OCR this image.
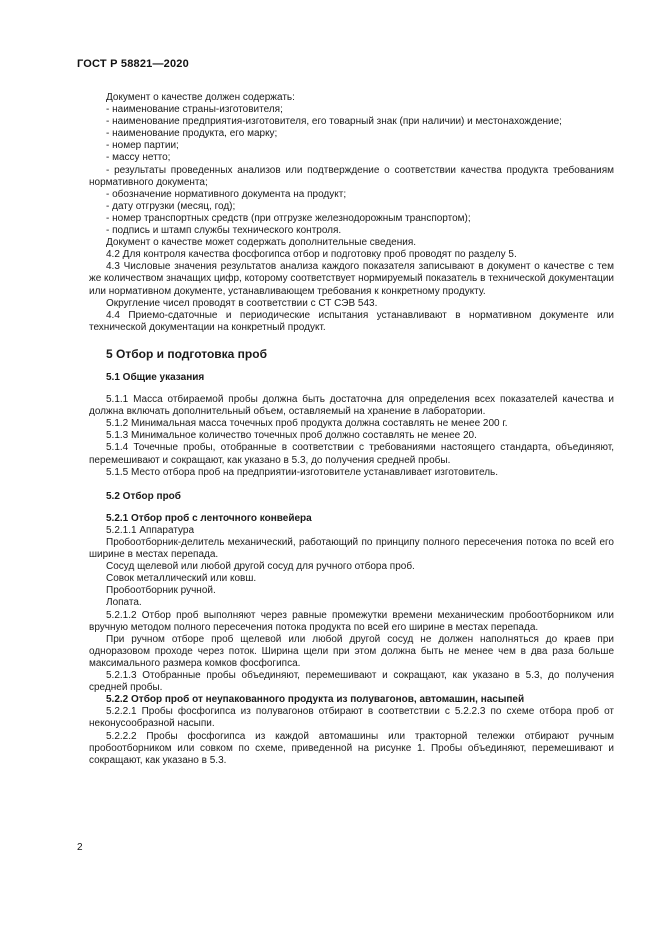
ГОСТ Р 58821—2020

Документ о качестве должен содержать:

- наименование страны-изготовителя;

- наименование предприятия-изготовителя, его товарный знак (при наличии) и местонахождение;

- наименование продукта, его марку;

- номер партии;

- массу нетто;

- результаты проведенных анализов или подтверждение о соответствии качества продукта требованиям нормативного документа;

- обозначение нормативного документа на продукт;

- дату отгрузки (месяц, год);

- номер транспортных средств (при отгрузке железнодорожным транспортом);

- подпись и штамп службы технического контроля.

Документ о качестве может содержать дополнительные сведения.

4.2 Для контроля качества фосфогипса отбор и подготовку проб проводят по разделу 5.

4.3 Числовые значения результатов анализа каждого показателя записывают в документ о качестве с тем же количеством значащих цифр, которому соответствует нормируемый показатель в технической документации или нормативном документе, устанавливающем требования к конкретному продукту.

Округление чисел проводят в соответствии с СТ СЭВ 543.

4.4 Приемо-сдаточные и периодические испытания устанавливают в нормативном документе или технической документации на конкретный продукт.

5 Отбор и подготовка проб

5.1 Общие указания

5.1.1 Масса отбираемой пробы должна быть достаточна для определения всех показателей качества и должна включать дополнительный объем, оставляемый на хранение в лаборатории.

5.1.2 Минимальная масса точечных проб продукта должна составлять не менее 200 г.

5.1.3 Минимальное количество точечных проб должно составлять не менее 20.

5.1.4 Точечные пробы, отобранные в соответствии с требованиями настоящего стандарта, объединяют, перемешивают и сокращают, как указано в 5.3, до получения средней пробы.

5.1.5 Место отбора проб на предприятии-изготовителе устанавливает изготовитель.

5.2 Отбор проб

5.2.1 Отбор проб с ленточного конвейера

5.2.1.1 Аппаратура

Пробоотборник-делитель механический, работающий по принципу полного пересечения потока по всей его ширине в местах перепада.

Сосуд щелевой или любой другой сосуд для ручного отбора проб.

Совок металлический или ковш.

Пробоотборник ручной.

Лопата.

5.2.1.2 Отбор проб выполняют через равные промежутки времени механическим пробоотборником или вручную методом полного пересечения потока продукта по всей его ширине в местах перепада.

При ручном отборе проб щелевой или любой другой сосуд не должен наполняться до краев при одноразовом проходе через поток. Ширина щели при этом должна быть не менее чем в два раза больше максимального размера комков фосфогипса.

5.2.1.3 Отобранные пробы объединяют, перемешивают и сокращают, как указано в 5.3, до получения средней пробы.

5.2.2 Отбор проб от неупакованного продукта из полувагонов, автомашин, насыпей

5.2.2.1 Пробы фосфогипса из полувагонов отбирают в соответствии с 5.2.2.3 по схеме отбора проб от неконусообразной насыпи.

5.2.2.2 Пробы фосфогипса из каждой автомашины или тракторной тележки отбирают ручным пробоотборником или совком по схеме, приведенной на рисунке 1. Пробы объединяют, перемешивают и сокращают, как указано в 5.3.

2
